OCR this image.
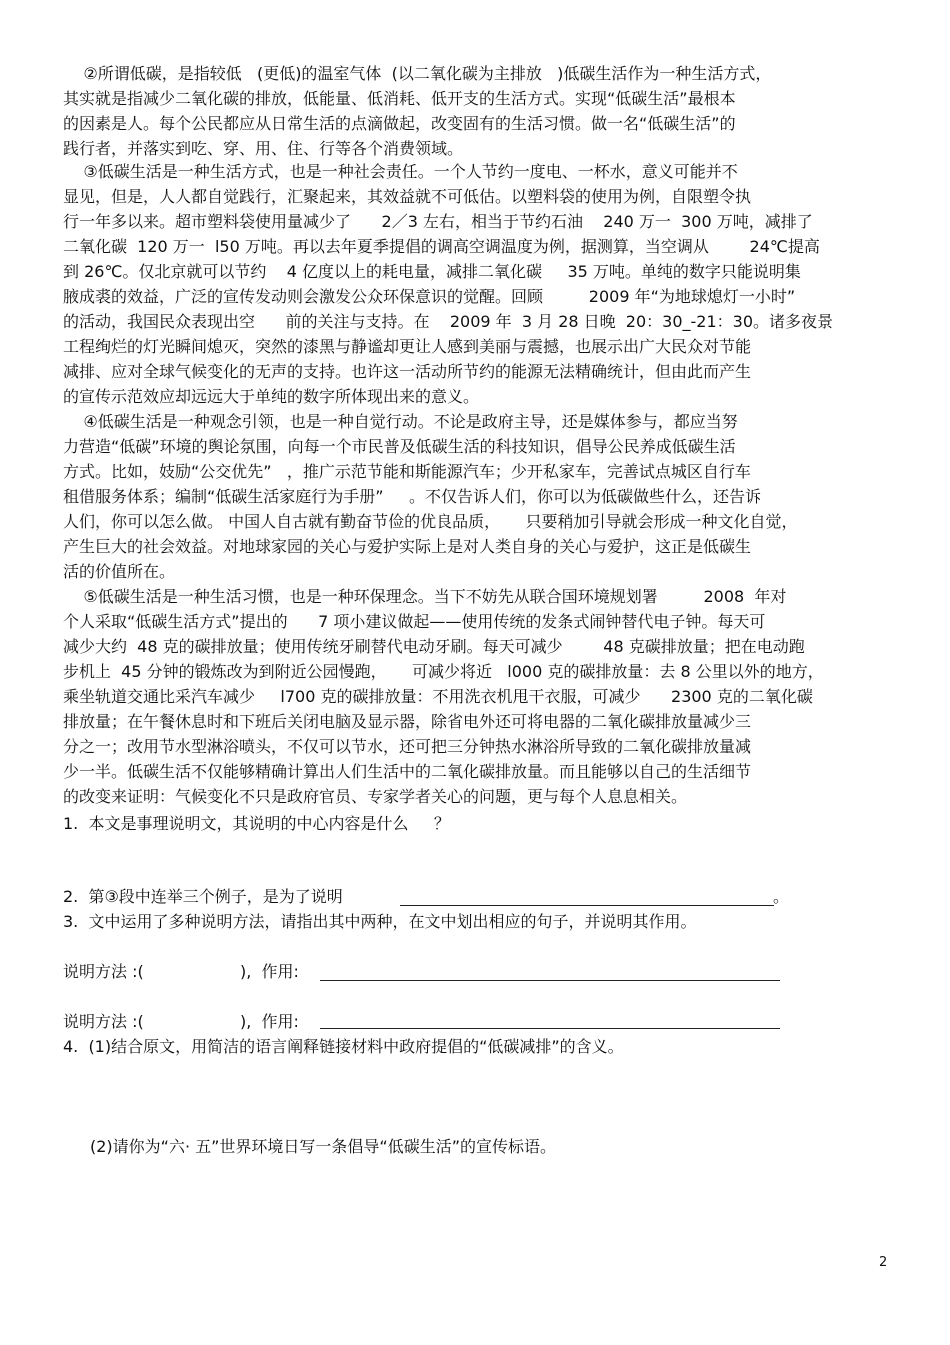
②所谓低碳，是指较低   (更低)的温室气体  (以二氧化碳为主排放   )低碳生活作为一种生活方式，
其实就是指减少二氧化碳的排放，低能量、低消耗、低开支的生活方式。实现“低碳生活”最根本
的因素是人。每个公民都应从日常生活的点滴做起，改变固有的生活习惯。做一名“低碳生活”的
践行者，并落实到吃、穿、用、住、行等各个消费领域。
③低碳生活是一种生活方式，也是一种社会责任。一个人节约一度电、一杯水，意义可能并不
显见，但是，人人都自觉践行，汇聚起来，其效益就不可低估。以塑料袋的使用为例，自限塑令执
行一年多以来。超市塑料袋使用量减少了      2／3 左右，相当于节约石油    240 万一  300 万吨，减排了
二氧化碳  120 万一  l50 万吨。再以去年夏季提倡的调高空调温度为例，据测算，当空调从        24℃提高
到 26℃。仅北京就可以节约    4 亿度以上的耗电量，减排二氧化碳     35 万吨。单纯的数字只能说明集
腋成裘的效益，广泛的宣传发动则会激发公众环保意识的觉醒。回顾         2009 年“为地球熄灯一小时”
的活动，我国民众表现出空      前的关注与支持。在    2009 年  3 月 28 日晚  20：30_-21：30。诸多夜景
工程绚烂的灯光瞬间熄灭，突然的漆黑与静谧却更让人感到美丽与震撼，也展示出广大民众对节能
减排、应对全球气候变化的无声的支持。也许这一活动所节约的能源无法精确统计，但由此而产生
的宣传示范效应却远远大于单纯的数字所体现出来的意义。
④低碳生活是一种观念引领，也是一种自觉行动。不论是政府主导，还是媒体参与，都应当努
力营造“低碳”环境的舆论氛围，向每一个市民普及低碳生活的科技知识，倡导公民养成低碳生活
方式。比如，妓励“公交优先”   ，推广示范节能和斯能源汽车；少开私家车，完善试点城区自行车
租借服务体系；编制“低碳生活家庭行为手册”     。不仅告诉人们，你可以为低碳做些什么，还告诉
人们，你可以怎么做。 中国人自古就有勤奋节俭的优良品质，     只要稍加引导就会形成一种文化自觉，
产生巨大的社会效益。对地球家园的关心与爱护实际上是对人类自身的关心与爱护，这正是低碳生
活的价值所在。
⑤低碳生活是一种生活习惯，也是一种环保理念。当下不妨先从联合国环境规划署         2008  年对
个人采取“低碳生活方式”提出的      7 项小建议做起——使用传统的发条式闹钟替代电子钟。每天可
减少大约  48 克的碳排放量；使用传统牙刷替代电动牙刷。每天可减少        48 克碳排放量；把在电动跑
步机上  45 分钟的锻炼改为到附近公园慢跑，     可减少将近   l000 克的碳排放量：去 8 公里以外的地方，
乘坐轨道交通比采汽车减少     l700 克的碳排放量：不用洗衣机甩干衣服，可减少      2300 克的二氧化碳
排放量；在午餐休息时和下班后关闭电脑及显示器，除省电外还可将电器的二氧化碳排放量减少三
分之一；改用节水型淋浴喷头，不仅可以节水，还可把三分钟热水淋浴所导致的二氧化碳排放量减
少一半。低碳生活不仅能够精确计算出人们生活中的二氧化碳排放量。而且能够以自己的生活细节
的改变来证明：气候变化不只是政府官员、专家学者关心的问题，更与每个人息息相关。
1.  本文是事理说明文，其说明的中心内容是什么     ？
2.  第③段中连举三个例子，是为了说明	。
3.  文中运用了多种说明方法，请指出其中两种，在文中划出相应的句子，并说明其作用。
说明方法 :(	),  作用:
说明方法 :(	),  作用:
4.  (1)结合原文，用简洁的语言阐释链接材料中政府提倡的“低碳减排”的含义。
(2)请你为“六· 五”世界环境日写一条倡导“低碳生活”的宣传标语。
2
